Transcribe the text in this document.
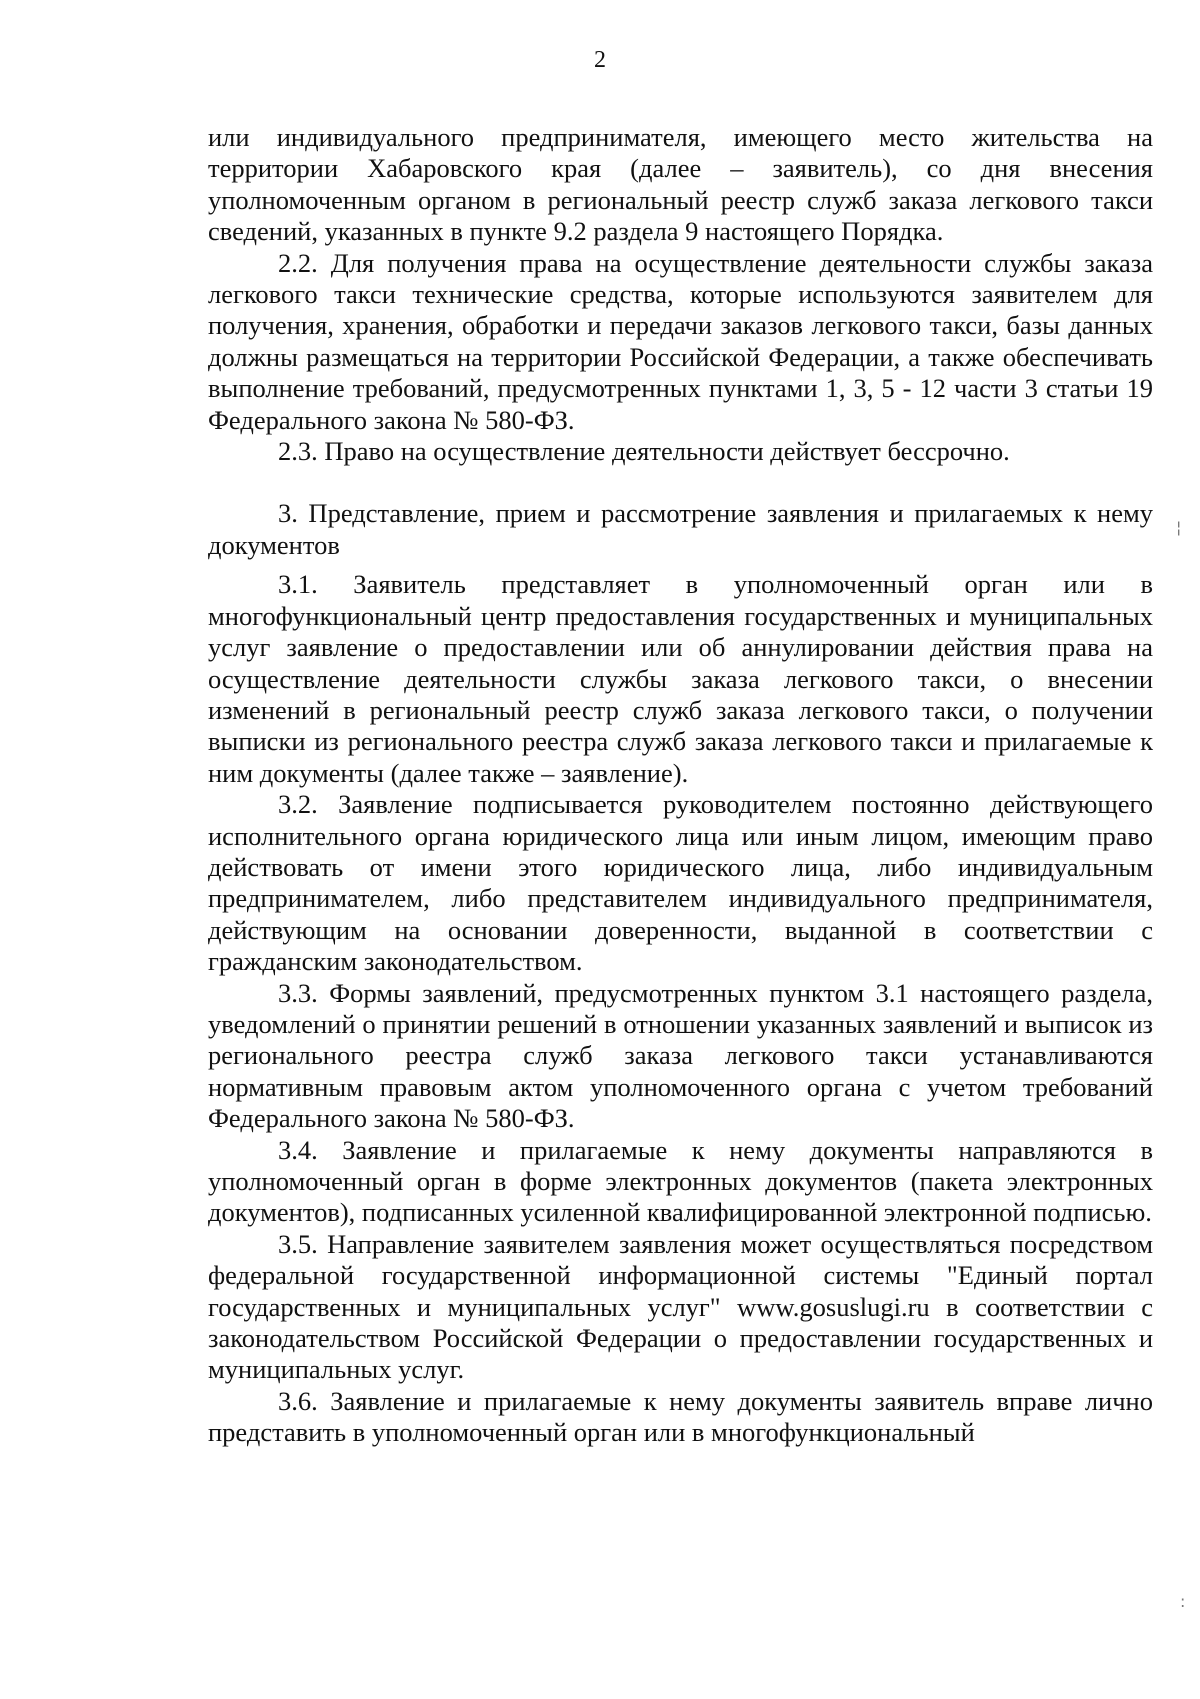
2

или индивидуального предпринимателя, имеющего место жительства на территории Хабаровского края (далее – заявитель), со дня внесения уполномоченным органом в региональный реестр служб заказа легкового такси сведений, указанных в пункте 9.2 раздела 9 настоящего Порядка.

2.2. Для получения права на осуществление деятельности службы заказа легкового такси технические средства, которые используются заявителем для получения, хранения, обработки и передачи заказов легкового такси, базы данных должны размещаться на территории Российской Федерации, а также обеспечивать выполнение требований, предусмотренных пунктами 1, 3, 5 - 12 части 3 статьи 19 Федерального закона № 580-ФЗ.

2.3. Право на осуществление деятельности действует бессрочно.

3. Представление, прием и рассмотрение заявления и прилагаемых к нему документов

3.1. Заявитель представляет в уполномоченный орган или в многофункциональный центр предоставления государственных и муниципальных услуг заявление о предоставлении или об аннулировании действия права на осуществление деятельности службы заказа легкового такси, о внесении изменений в региональный реестр служб заказа легкового такси, о получении выписки из регионального реестра служб заказа легкового такси и прилагаемые к ним документы (далее также – заявление).

3.2. Заявление подписывается руководителем постоянно действующего исполнительного органа юридического лица или иным лицом, имеющим право действовать от имени этого юридического лица, либо индивидуальным предпринимателем, либо представителем индивидуального предпринимателя, действующим на основании доверенности, выданной в соответствии с гражданским законодательством.

3.3. Формы заявлений, предусмотренных пунктом 3.1 настоящего раздела, уведомлений о принятии решений в отношении указанных заявлений и выписок из регионального реестра служб заказа легкового такси устанавливаются нормативным правовым актом уполномоченного органа с учетом требований Федерального закона № 580-ФЗ.

3.4. Заявление и прилагаемые к нему документы направляются в уполномоченный орган в форме электронных документов (пакета электронных документов), подписанных усиленной квалифицированной электронной подписью.

3.5. Направление заявителем заявления может осуществляться посредством федеральной государственной информационной системы "Единый портал государственных и муниципальных услуг" www.gosuslugi.ru в соответствии с законодательством Российской Федерации о предоставлении государственных и муниципальных услуг.

3.6. Заявление и прилагаемые к нему документы заявитель вправе лично представить в уполномоченный орган или в многофункциональный

¦
:
